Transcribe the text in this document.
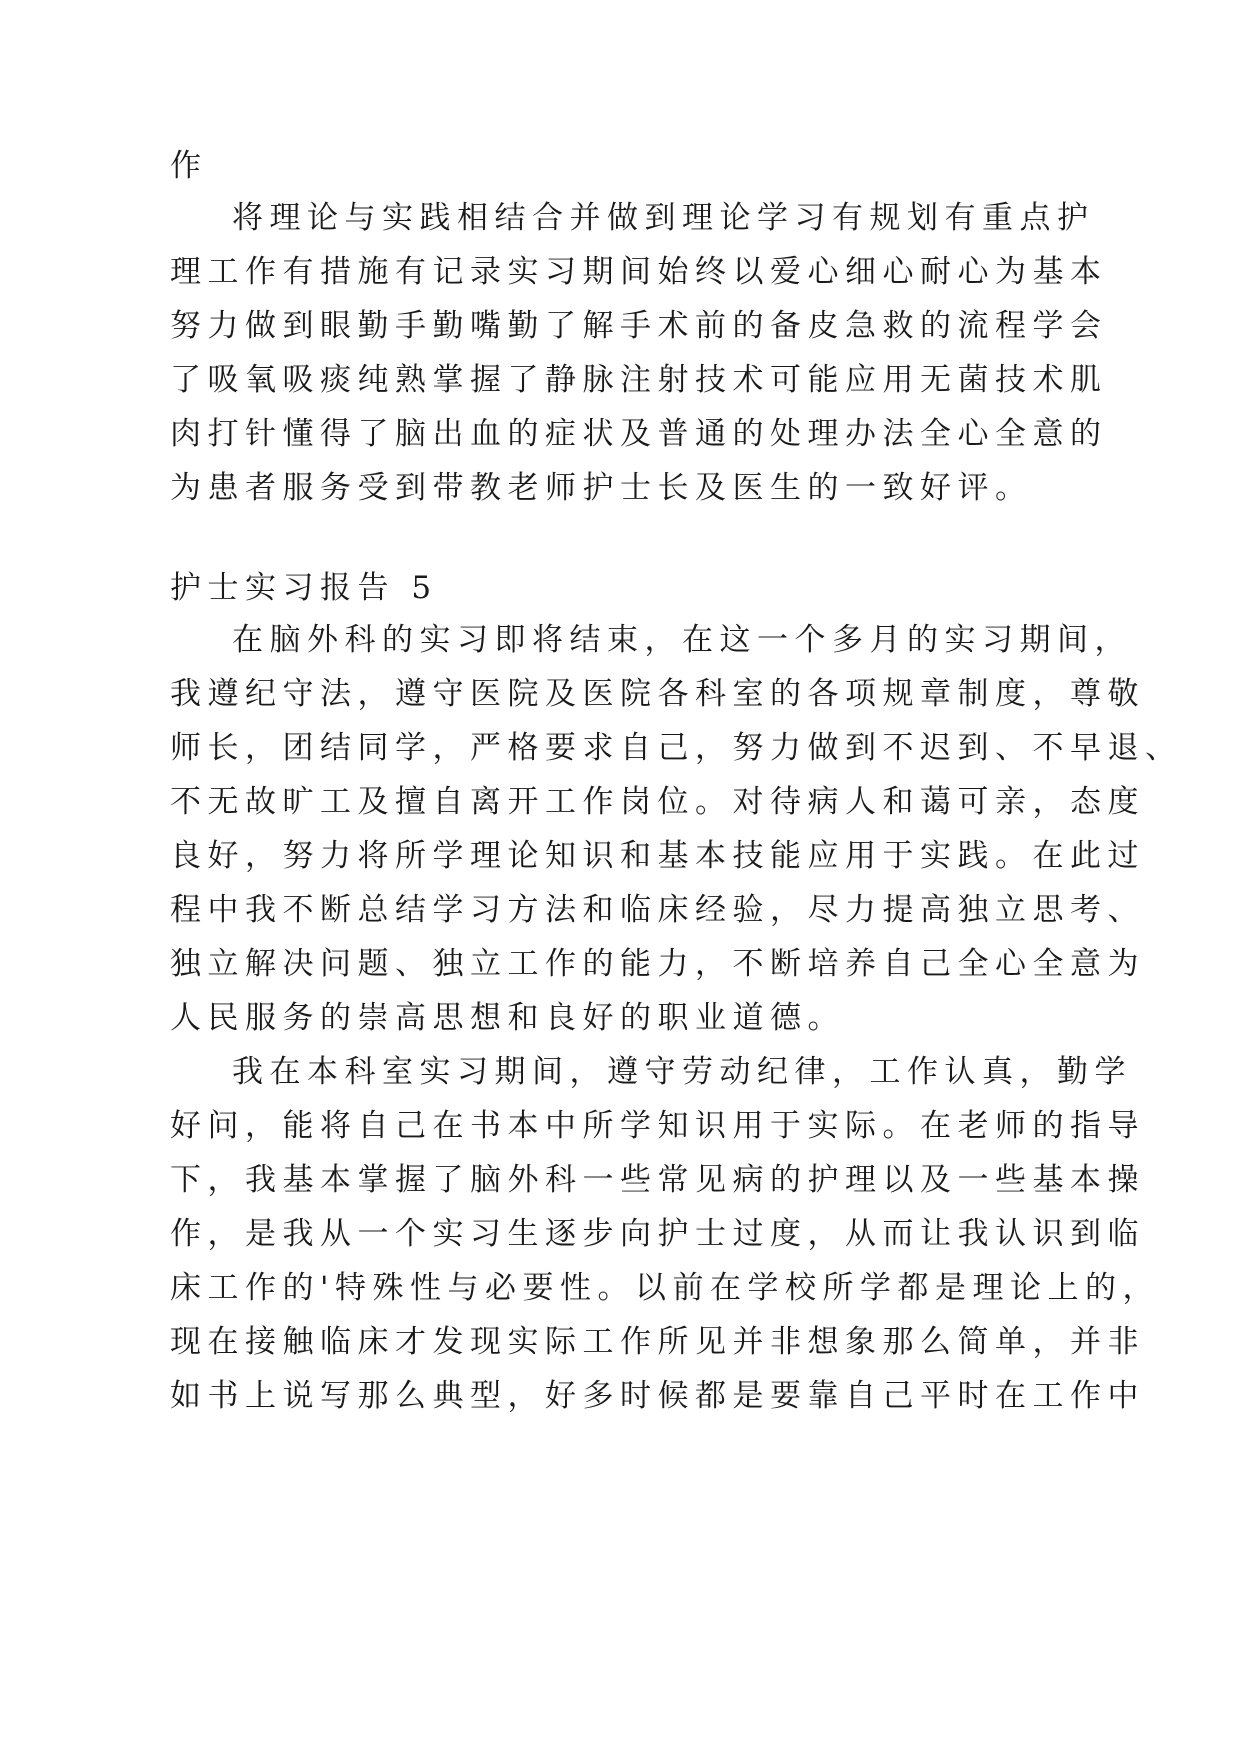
作
将理论与实践相结合并做到理论学习有规划有重点护
理工作有措施有记录实习期间始终以爱心细心耐心为基本
努力做到眼勤手勤嘴勤了解手术前的备皮急救的流程学会
了吸氧吸痰纯熟掌握了静脉注射技术可能应用无菌技术肌
肉打针懂得了脑出血的症状及普通的处理办法全心全意的
为患者服务受到带教老师护士长及医生的一致好评。
护士实习报告 5
在脑外科的实习即将结束，在这一个多月的实习期间，
我遵纪守法，遵守医院及医院各科室的各项规章制度，尊敬
师长，团结同学，严格要求自己，努力做到不迟到、不早退、
不无故旷工及擅自离开工作岗位。对待病人和蔼可亲，态度
良好，努力将所学理论知识和基本技能应用于实践。在此过
程中我不断总结学习方法和临床经验，尽力提高独立思考、
独立解决问题、独立工作的能力，不断培养自己全心全意为
人民服务的崇高思想和良好的职业道德。
我在本科室实习期间，遵守劳动纪律，工作认真，勤学
好问，能将自己在书本中所学知识用于实际。在老师的指导
下，我基本掌握了脑外科一些常见病的护理以及一些基本操
作，是我从一个实习生逐步向护士过度，从而让我认识到临
床工作的'特殊性与必要性。以前在学校所学都是理论上的，
现在接触临床才发现实际工作所见并非想象那么简单，并非
如书上说写那么典型，好多时候都是要靠自己平时在工作中
